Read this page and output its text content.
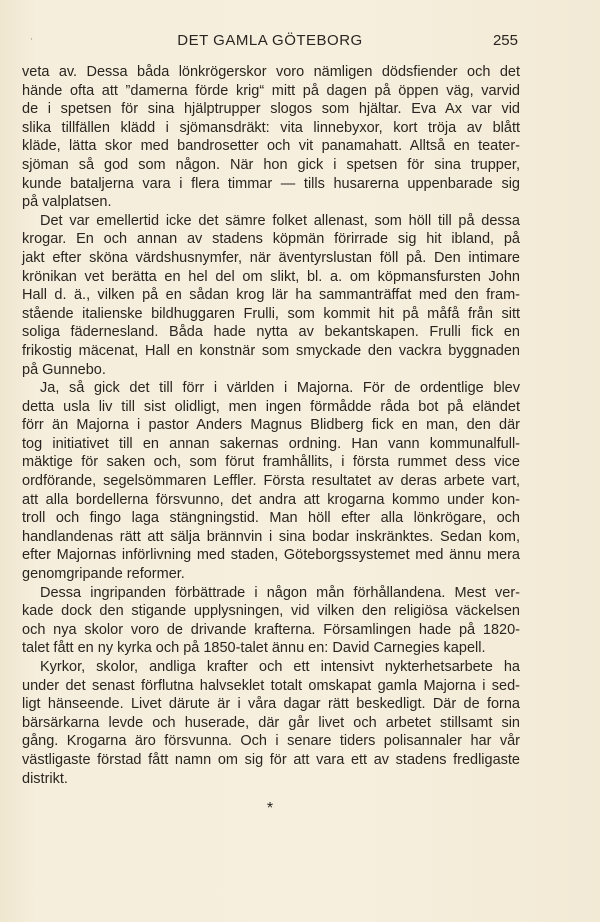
·	DET GAMLA GÖTEBORG	255
veta av. Dessa båda lönkrögerskor voro nämligen dödsfiender och det
hände ofta att ”damerna förde krig“ mitt på dagen på öppen väg, varvid
de i spetsen för sina hjälptrupper slogos som hjältar. Eva Ax var vid
slika tillfällen klädd i sjömansdräkt: vita linnebyxor, kort tröja av blått
kläde, lätta skor med bandrosetter och vit panamahatt. Alltså en teater-
sjöman så god som någon. När hon gick i spetsen för sina trupper,
kunde bataljerna vara i flera timmar — tills husarerna uppenbarade sig
på valplatsen.
Det var emellertid icke det sämre folket allenast, som höll till på dessa
krogar. En och annan av stadens köpmän förirrade sig hit ibland, på
jakt efter sköna värdshusnymfer, när äventyrslustan föll på. Den intimare
krönikan vet berätta en hel del om slikt, bl. a. om köpmansfursten John
Hall d. ä., vilken på en sådan krog lär ha sammanträffat med den fram-
stående italienske bildhuggaren Frulli, som kommit hit på måfå från sitt
soliga fädernesland. Båda hade nytta av bekantskapen. Frulli fick en
frikostig mäcenat, Hall en konstnär som smyckade den vackra byggnaden
på Gunnebo.
Ja, så gick det till förr i världen i Majorna. För de ordentlige blev
detta usla liv till sist olidligt, men ingen förmådde råda bot på eländet
förr än Majorna i pastor Anders Magnus Blidberg fick en man, den där
tog initiativet till en annan sakernas ordning. Han vann kommunalfull-
mäktige för saken och, som förut framhållits, i första rummet dess vice
ordförande, segelsömmaren Leffler. Första resultatet av deras arbete vart,
att alla bordellerna försvunno, det andra att krogarna kommo under kon-
troll och fingo laga stängningstid. Man höll efter alla lönkrögare, och
handlandenas rätt att sälja brännvin i sina bodar inskränktes. Sedan kom,
efter Majornas införlivning med staden, Göteborgssystemet med ännu mera
genomgripande reformer.
Dessa ingripanden förbättrade i någon mån förhållandena. Mest ver-
kade dock den stigande upplysningen, vid vilken den religiösa väckelsen
och nya skolor voro de drivande krafterna. Församlingen hade på 1820-
talet fått en ny kyrka och på 1850-talet ännu en: David Carnegies kapell.
Kyrkor, skolor, andliga krafter och ett intensivt nykterhetsarbete ha
under det senast förflutna halvseklet totalt omskapat gamla Majorna i sed-
ligt hänseende. Livet därute är i våra dagar rätt beskedligt. Där de forna
bärsärkarna levde och huserade, där går livet och arbetet stillsamt sin
gång. Krogarna äro försvunna. Och i senare tiders polisannaler har vår
västligaste förstad fått namn om sig för att vara ett av stadens fredligaste
distrikt.
*
